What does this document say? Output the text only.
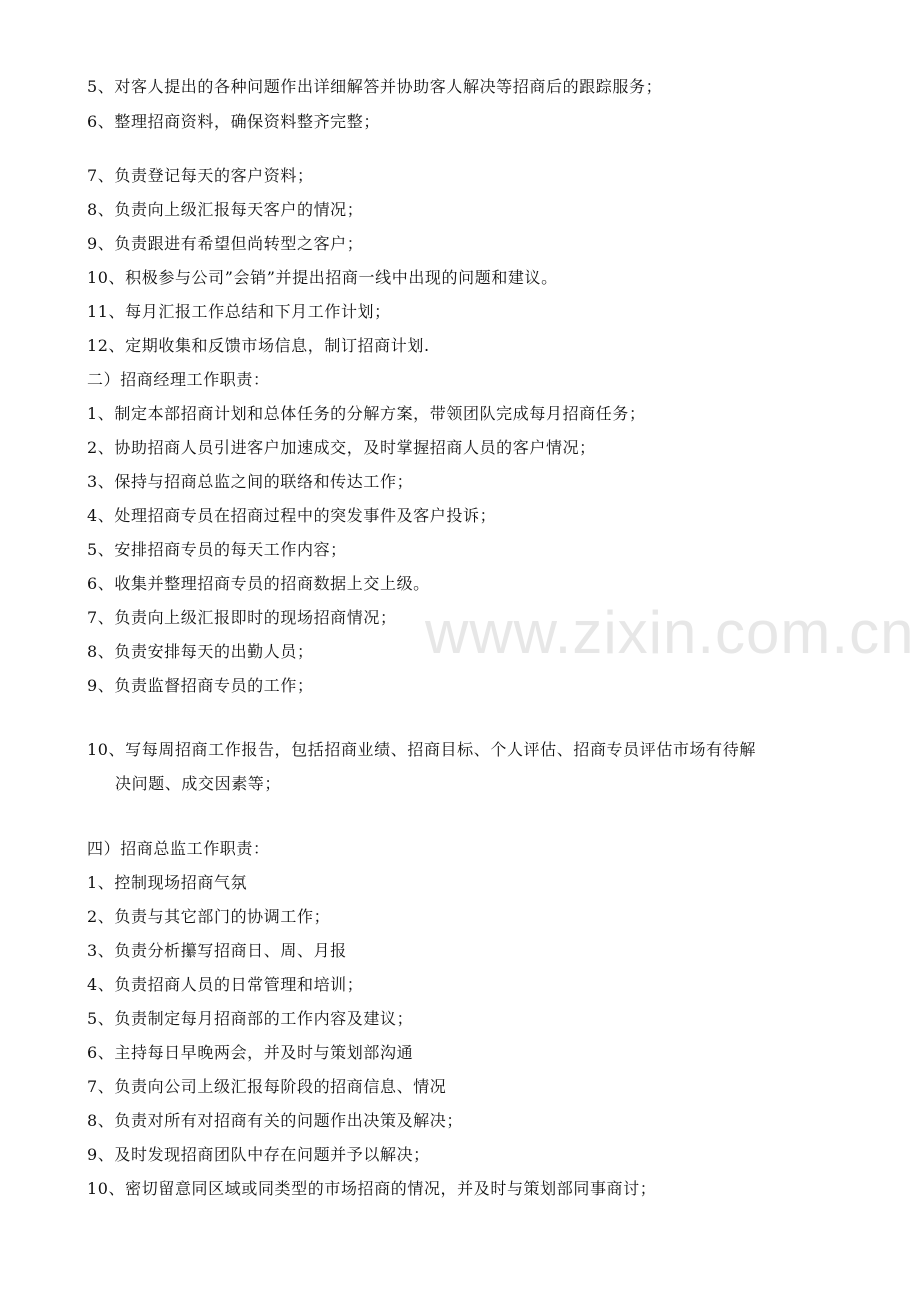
www.zixin.com.cn
5、对客人提出的各种问题作出详细解答并协助客人解决等招商后的跟踪服务；
6、整理招商资料，确保资料整齐完整；
7、负责登记每天的客户资料；
8、负责向上级汇报每天客户的情况；
9、负责跟进有希望但尚转型之客户；
10、积极参与公司”会销”并提出招商一线中出现的问题和建议。
11、每月汇报工作总结和下月工作计划；
12、定期收集和反馈市场信息，制订招商计划.
二）招商经理工作职责：
1、制定本部招商计划和总体任务的分解方案，带领团队完成每月招商任务；
2、协助招商人员引进客户加速成交，及时掌握招商人员的客户情况；
3、保持与招商总监之间的联络和传达工作；
4、处理招商专员在招商过程中的突发事件及客户投诉；
5、安排招商专员的每天工作内容；
6、收集并整理招商专员的招商数据上交上级。
7、负责向上级汇报即时的现场招商情况；
8、负责安排每天的出勤人员；
9、负责监督招商专员的工作；
10、写每周招商工作报告，包括招商业绩、招商目标、个人评估、招商专员评估市场有待解
决问题、成交因素等；
四）招商总监工作职责：
1、控制现场招商气氛
2、负责与其它部门的协调工作；
3、负责分析攥写招商日、周、月报
4、负责招商人员的日常管理和培训；
5、负责制定每月招商部的工作内容及建议；
6、主持每日早晚两会，并及时与策划部沟通
7、负责向公司上级汇报每阶段的招商信息、情况
8、负责对所有对招商有关的问题作出决策及解决；
9、及时发现招商团队中存在问题并予以解决；
10、密切留意同区域或同类型的市场招商的情况，并及时与策划部同事商讨；
